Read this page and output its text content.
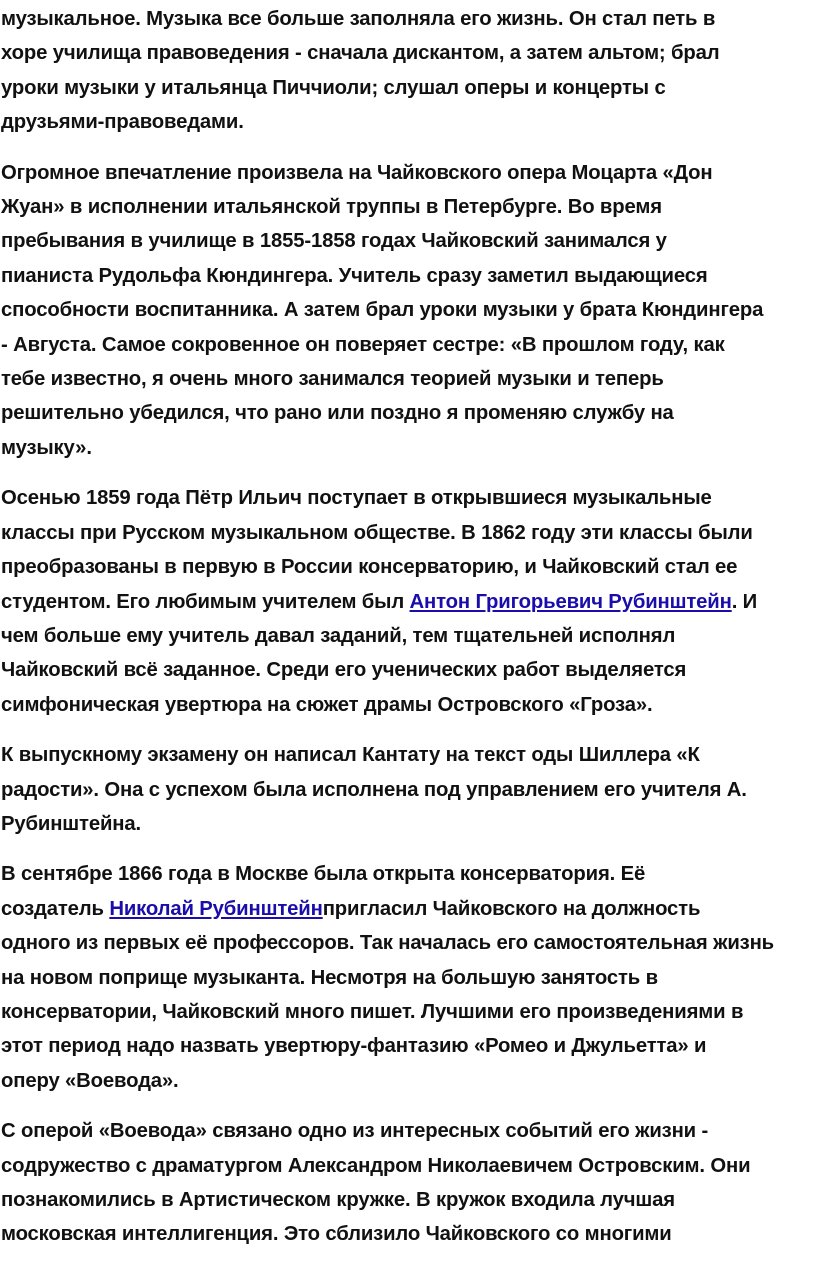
музыкальное. Музыка все больше заполняла его жизнь. Он стал петь в
хоре училища правоведения - сначала дискантом, а затем альтом; брал
уроки музыки у итальянца Пиччиоли; слушал оперы и концерты с
друзьями-правоведами.

Огромное впечатление произвела на Чайковского опера Моцарта «Дон
Жуан» в исполнении итальянской труппы в Петербурге. Во время
пребывания в училище в 1855-1858 годах Чайковский занимался у
пианиста Рудольфа Кюндингера. Учитель сразу заметил выдающиеся
способности воспитанника. А затем брал уроки музыки у брата Кюндингера
- Августа. Самое сокровенное он поверяет сестре: «В прошлом году, как
тебе известно, я очень много занимался теорией музыки и теперь
решительно убедился, что рано или поздно я променяю службу на
музыку».

Осенью 1859 года Пётр Ильич поступает в открывшиеся музыкальные
классы при Русском музыкальном обществе. В 1862 году эти классы были
преобразованы в первую в России консерваторию, и Чайковский стал ее
студентом. Его любимым учителем был Антон Григорьевич Рубинштейн. И
чем больше ему учитель давал заданий, тем тщательней исполнял
Чайковский всё заданное. Среди его ученических работ выделяется
симфоническая увертюра на сюжет драмы Островского «Гроза».

К выпускному экзамену он написал Кантату на текст оды Шиллера «К
радости». Она с успехом была исполнена под управлением его учителя А.
Рубинштейна.

В сентябре 1866 года в Москве была открыта консерватория. Её
создатель Николай Рубинштейнпригласил Чайковского на должность
одного из первых её профессоров. Так началась его самостоятельная жизнь
на новом поприще музыканта. Несмотря на большую занятость в
консерватории, Чайковский много пишет. Лучшими его произведениями в
этот период надо назвать увертюру-фантазию «Ромео и Джульетта» и
оперу «Воевода».

С оперой «Воевода» связано одно из интересных событий его жизни -
содружество с драматургом Александром Николаевичем Островским. Они
познакомились в Артистическом кружке. В кружок входила лучшая
московская интеллигенция. Это сблизило Чайковского со многими
